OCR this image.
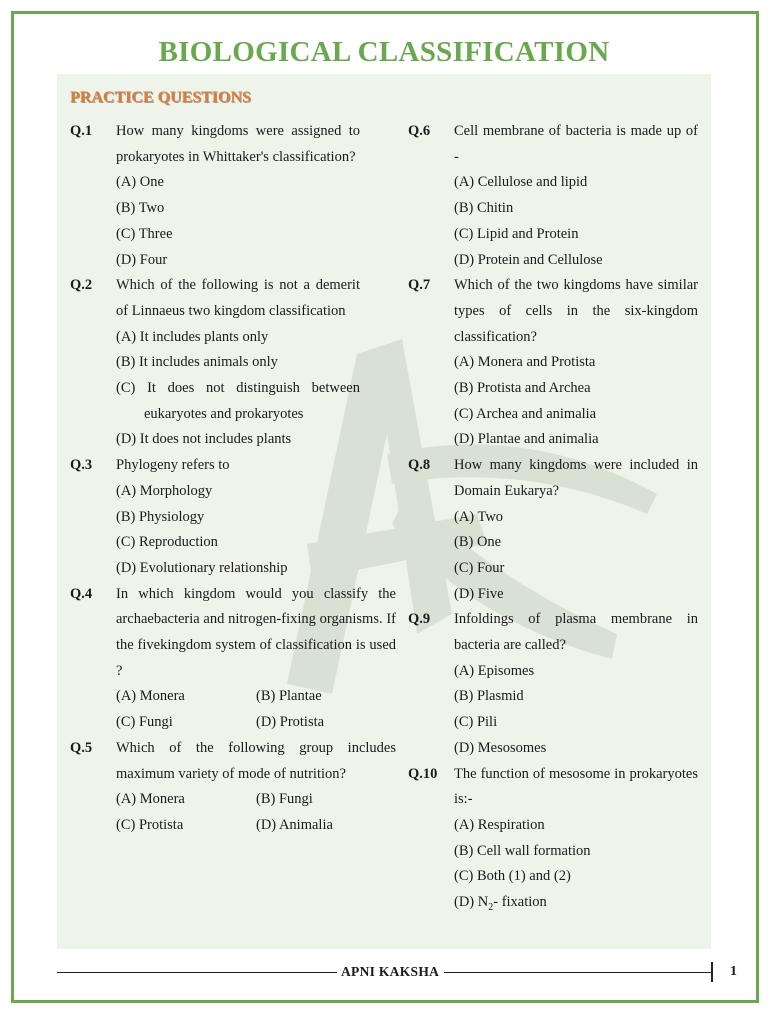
BIOLOGICAL CLASSIFICATION
PRACTICE QUESTIONS
Q.1	How many kingdoms were assigned to prokaryotes in Whittaker's classification?
(A) One
(B) Two
(C) Three
(D) Four
Q.2	Which of the following is not a demerit of Linnaeus two kingdom classification
(A) It includes plants only
(B) It includes animals only
(C) It does not distinguish between eukaryotes and prokaryotes
(D) It does not includes plants
Q.3	Phylogeny refers to
(A) Morphology
(B) Physiology
(C) Reproduction
(D) Evolutionary relationship
Q.4	In which kingdom would you classify the archaebacteria and nitrogen-fixing organisms. If the fivekingdom system of classification is used ?
(A) Monera	(B) Plantae
(C) Fungi	(D) Protista
Q.5	Which of the following group includes maximum variety of mode of nutrition?
(A) Monera	(B) Fungi
(C) Protista	(D) Animalia
Q.6	Cell membrane of bacteria is made up of -
(A) Cellulose and lipid
(B) Chitin
(C) Lipid and Protein
(D) Protein and Cellulose
Q.7	Which of the two kingdoms have similar types of cells in the six-kingdom classification?
(A) Monera and Protista
(B) Protista and Archea
(C) Archea and animalia
(D) Plantae and animalia
Q.8	How many kingdoms were included in Domain Eukarya?
(A) Two
(B) One
(C) Four
(D) Five
Q.9	Infoldings of plasma membrane in bacteria are called?
(A) Episomes
(B) Plasmid
(C) Pili
(D) Mesosomes
Q.10	The function of mesosome in prokaryotes is:-
(A) Respiration
(B) Cell wall formation
(C) Both (1) and (2)
(D) $N_2-$ fixation
APNI KAKSHA	1
